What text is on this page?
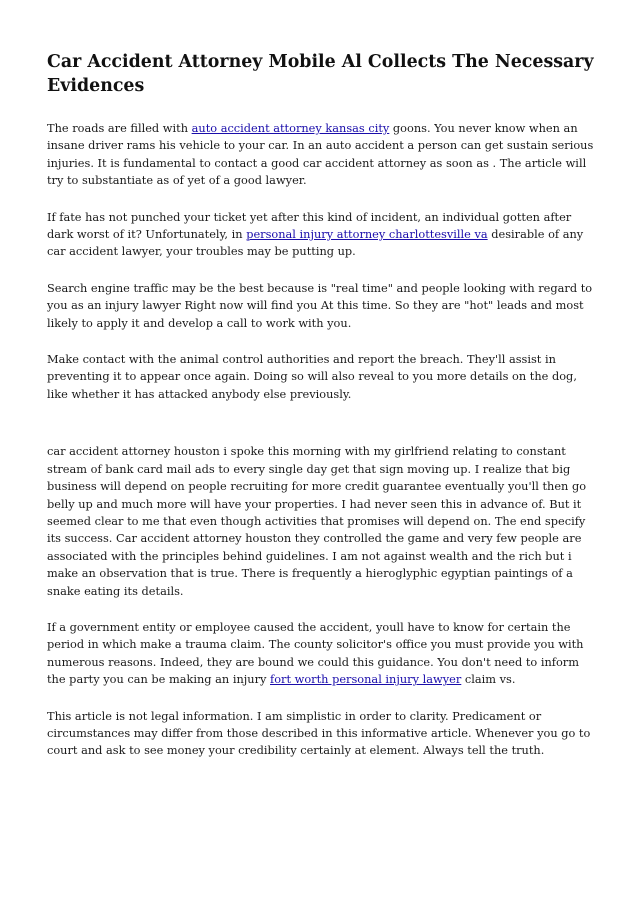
Car Accident Attorney Mobile Al Collects The Necessary Evidences

The roads are filled with auto accident attorney kansas city goons. You never know when an insane driver rams his vehicle to your car. In an auto accident a person can get sustain serious injuries. It is fundamental to contact a good car accident attorney as soon as . The article will try to substantiate as of yet of a good lawyer.

If fate has not punched your ticket yet after this kind of incident, an individual gotten after dark worst of it? Unfortunately, in personal injury attorney charlottesville va desirable of any car accident lawyer, your troubles may be putting up.

Search engine traffic may be the best because is "real time" and people looking with regard to you as an injury lawyer Right now will find you At this time. So they are "hot" leads and most likely to apply it and develop a call to work with you.

Make contact with the animal control authorities and report the breach. They'll assist in preventing it to appear once again. Doing so will also reveal to you more details on the dog, like whether it has attacked anybody else previously.

car accident attorney houston i spoke this morning with my girlfriend relating to constant stream of bank card mail ads to every single day get that sign moving up. I realize that big business will depend on people recruiting for more credit guarantee eventually you'll then go belly up and much more will have your properties. I had never seen this in advance of. But it seemed clear to me that even though activities that promises will depend on. The end specify its success. Car accident attorney houston they controlled the game and very few people are associated with the principles behind guidelines. I am not against wealth and the rich but i make an observation that is true. There is frequently a hieroglyphic egyptian paintings of a snake eating its details.

If a government entity or employee caused the accident, youll have to know for certain the period in which make a trauma claim. The county solicitor's office you must provide you with numerous reasons. Indeed, they are bound we could this guidance. You don't need to inform the party you can be making an injury fort worth personal injury lawyer claim vs.

This article is not legal information. I am simplistic in order to clarity. Predicament or circumstances may differ from those described in this informative article. Whenever you go to court and ask to see money your credibility certainly at element. Always tell the truth.
